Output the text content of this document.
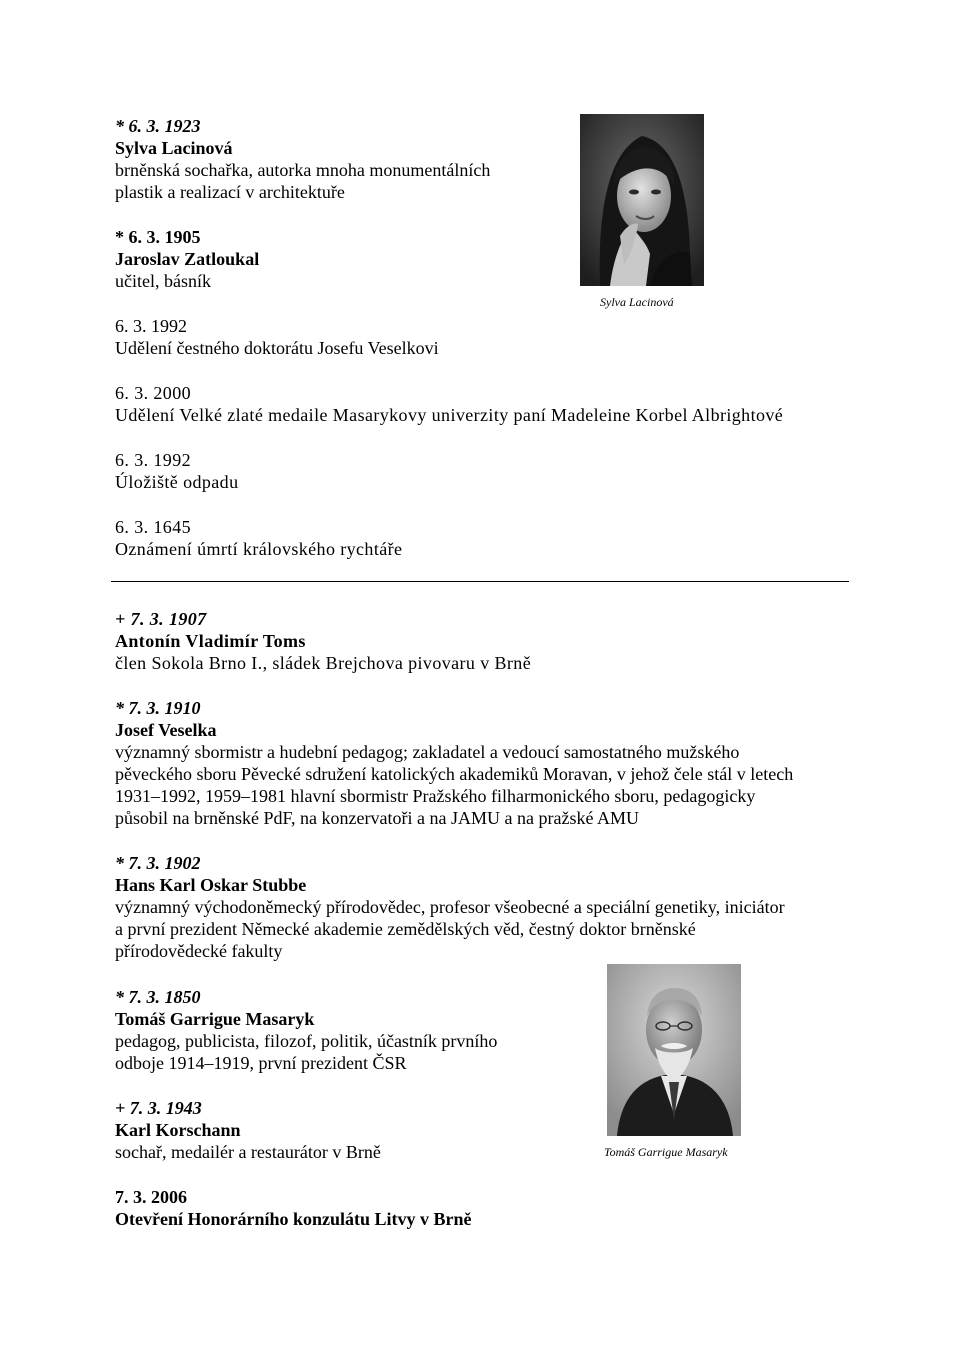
* 6. 3. 1923
Sylva Lacinová
brněnská sochařka, autorka mnoha monumentálních
plastik a realizací v architektuře
* 6. 3. 1905
Jaroslav Zatloukal
učitel, básník
6. 3. 1992
Udělení čestného doktorátu Josefu Veselkovi
6. 3. 2000
Udělení Velké zlaté medaile Masarykovy univerzity paní Madeleine Korbel Albrightové
6. 3. 1992
Úložiště odpadu
6. 3. 1645
Oznámení úmrtí královského rychtáře
+ 7. 3. 1907
Antonín Vladimír Toms
člen Sokola Brno I., sládek Brejchova pivovaru v Brně
* 7. 3. 1910
Josef Veselka
významný sbormistr a hudební pedagog; zakladatel a vedoucí samostatného mužského
pěveckého sboru Pěvecké sdružení katolických akademiků Moravan, v jehož čele stál v letech
1931–1992, 1959–1981 hlavní sbormistr Pražského filharmonického sboru, pedagogicky
působil na brněnské PdF, na konzervatoři a na JAMU a na pražské AMU
* 7. 3. 1902
Hans Karl Oskar Stubbe
významný východoněmecký přírodovědec, profesor všeobecné a speciální genetiky, iniciátor
a první prezident Německé akademie zemědělských věd, čestný doktor brněnské
přírodovědecké fakulty
* 7. 3. 1850
Tomáš Garrigue Masaryk
pedagog, publicista, filozof, politik, účastník prvního
odboje 1914–1919, první prezident ČSR
+ 7. 3. 1943
Karl Korschann
sochař, medailér a restaurátor v Brně
7. 3. 2006
Otevření Honorárního konzulátu Litvy v Brně
Sylva Lacinová
Tomáš Garrigue Masaryk
